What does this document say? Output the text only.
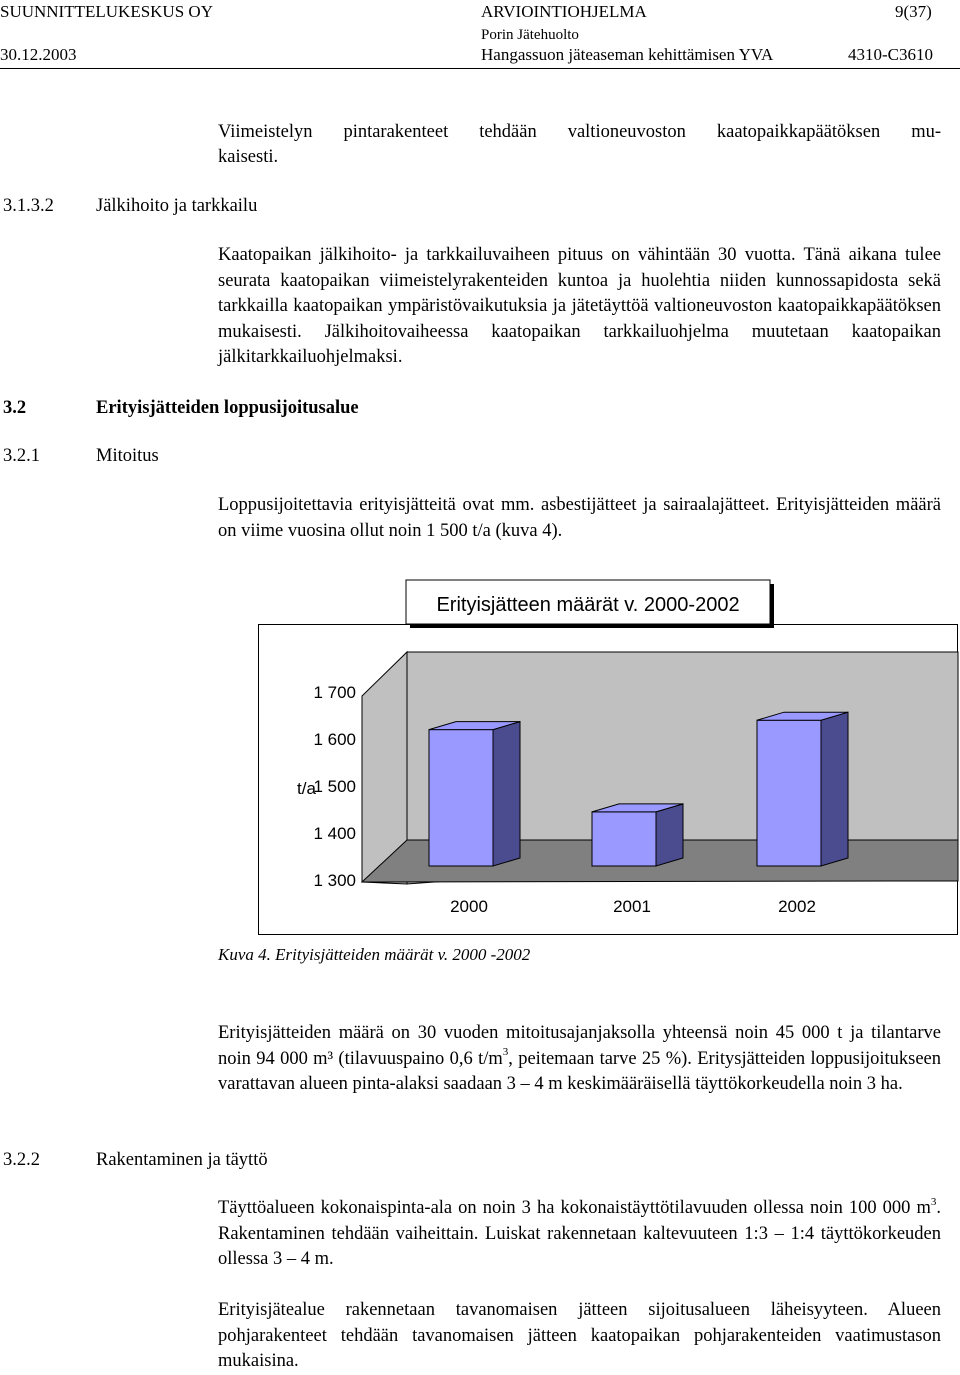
SUUNNITTELUKESKUS OY	ARVIOINTIOHJELMA	9(37)
Porin Jätehuolto
30.12.2003	Hangassuon jäteaseman kehittämisen YVA	4310-C3610
Viimeistelyn pintarakenteet tehdään valtioneuvoston kaatopaikkapäätöksen mu-
kaisesti.
3.1.3.2 Jälkihoito ja tarkkailu
Kaatopaikan jälkihoito- ja tarkkailuvaiheen pituus on vähintään 30 vuotta. Tänä aikana tulee seurata kaatopaikan viimeistelyrakenteiden kuntoa ja huolehtia niiden kunnossapidosta sekä tarkkailla kaatopaikan ympäristövaikutuksia ja jätetäyttöä valtioneuvoston kaatopaikkapäätöksen mukaisesti. Jälkihoitovaiheessa kaatopaikan tarkkailuohjelma muutetaan kaatopaikan jälkitarkkailuohjelmaksi.
3.2	Erityisjätteiden loppusijoitusalue
3.2.1	Mitoitus
Loppusijoitettavia erityisjätteitä ovat mm. asbestijätteet ja sairaalajätteet. Erityisjätteiden määrä on viime vuosina ollut noin 1 500 t/a (kuva 4).
1 300
1 400
1 500
1 600
1 700
2000	2001	2002
t/a
Erityisjätteen määrät v. 2000-2002
Kuva 4. Erityisjätteiden määrät v. 2000 -2002
Erityisjätteiden määrä on 30 vuoden mitoitusajanjaksolla yhteensä noin 45 000 t ja tilantarve noin 94 000 m³ (tilavuuspaino 0,6 $t/m^3$, peitemaan tarve 25 %). Eritysjätteiden loppusijoitukseen varattavan alueen pinta-alaksi saadaan 3 – 4 m keskimääräisellä täyttökorkeudella noin 3 ha.
3.2.2	Rakentaminen ja täyttö
Täyttöalueen kokonaispinta-ala on noin 3 ha kokonaistäyttötilavuuden ollessa noin 100 000 $m^3$. Rakentaminen tehdään vaiheittain. Luiskat rakennetaan kaltevuuteen 1:3 – 1:4 täyttökorkeuden ollessa 3 – 4 m.
Erityisjätealue rakennetaan tavanomaisen jätteen sijoitusalueen läheisyyteen. Alueen pohjarakenteet tehdään tavanomaisen jätteen kaatopaikan pohjarakenteiden vaatimustason mukaisina.
